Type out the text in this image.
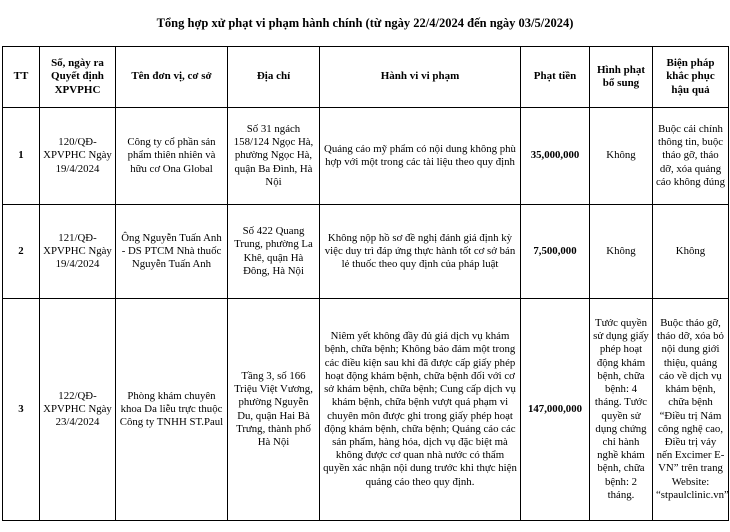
Tổng hợp xử phạt vi phạm hành chính (từ ngày 22/4/2024 đến ngày 03/5/2024)
TT	Số, ngày ra Quyết định XPVPHC	Tên đơn vị, cơ sở	Địa chỉ	Hành vi vi phạm	Phạt tiền	Hình phạt bổ sung	Biện pháp khắc phục hậu quả
1	120/QĐ-XPVPHC Ngày 19/4/2024	Công ty cổ phần sản phẩm thiên nhiên và hữu cơ Ona Global	Số 31 ngách 158/124 Ngọc Hà, phường Ngọc Hà, quận Ba Đình, Hà Nội	Quảng cáo mỹ phẩm có nội dung không phù hợp với một trong các tài liệu theo quy định	35,000,000	Không	Buộc cải chính thông tin, buộc tháo gỡ, tháo dỡ, xóa quảng cáo không đúng
2	121/QĐ-XPVPHC Ngày 19/4/2024	Ông Nguyễn Tuấn Anh - DS PTCM Nhà thuốc Nguyễn Tuấn Anh	Số 422 Quang Trung, phường La Khê, quận Hà Đông, Hà Nội	Không nộp hồ sơ đề nghị đánh giá định kỳ việc duy trì đáp ứng thực hành tốt cơ sở bán lẻ thuốc theo quy định của pháp luật	7,500,000	Không	Không
3	122/QĐ-XPVPHC Ngày 23/4/2024	Phòng khám chuyên khoa Da liễu trực thuộc Công ty TNHH ST.Paul	Tầng 3, số 166 Triệu Việt Vương, phường Nguyễn Du, quận Hai Bà Trưng, thành phố Hà Nội	Niêm yết không đầy đủ giá dịch vụ khám bệnh, chữa bệnh; Không bảo đảm một trong các điều kiện sau khi đã được cấp giấy phép hoạt động khám bệnh, chữa bệnh đối với cơ sở khám bệnh, chữa bệnh; Cung cấp dịch vụ khám bệnh, chữa bệnh vượt quá phạm vi chuyên môn được ghi trong giấy phép hoạt động khám bệnh, chữa bệnh; Quảng cáo các sản phẩm, hàng hóa, dịch vụ đặc biệt mà không được cơ quan nhà nước có thẩm quyền xác nhận nội dung trước khi thực hiện quảng cáo theo quy định.	147,000,000	Tước quyền sử dụng giấy phép hoạt động khám bệnh, chữa bệnh: 4 tháng. Tước quyền sử dụng chứng chỉ hành nghề khám bệnh, chữa bệnh: 2 tháng.	Buộc tháo gỡ, tháo dỡ, xóa bỏ nội dung giới thiệu, quảng cáo về dịch vụ khám bệnh, chữa bệnh “Điều trị Nám công nghệ cao, Điều trị vảy nến Excimer E-VN” trên trang Website: “stpaulclinic.vn”
